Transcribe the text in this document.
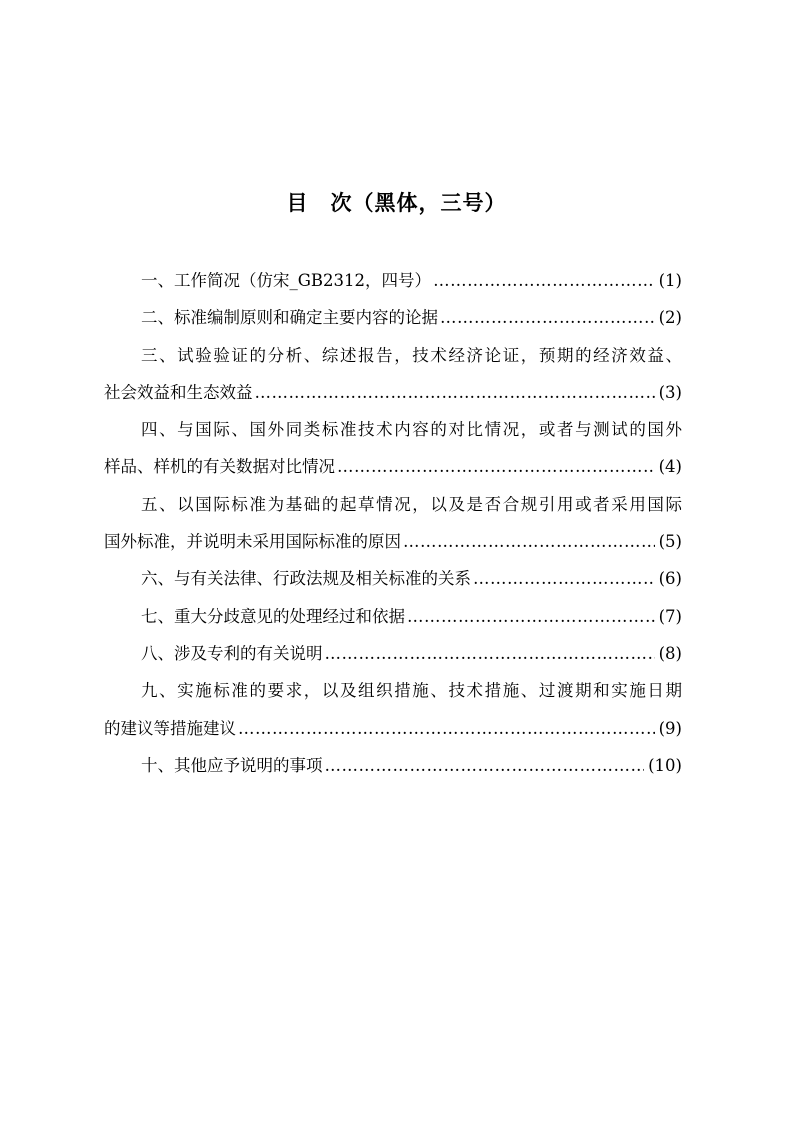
目 次（黑体，三号）
一、工作简况（仿宋_GB2312，四号） ………………………………………………………………………………………………………………………………………………………………	(1)
二、标准编制原则和确定主要内容的论据 ………………………………………………………………………………………………………………………………………………………………	(2)
三、试验验证的分析、综述报告，技术经济论证，预期的经济效益、
社会效益和生态效益 ………………………………………………………………………………………………………………………………………………………………	(3)
四、与国际、国外同类标准技术内容的对比情况，或者与测试的国外
样品、样机的有关数据对比情况 ………………………………………………………………………………………………………………………………………………………………	(4)
五、以国际标准为基础的起草情况，以及是否合规引用或者采用国际
国外标准，并说明未采用国际标准的原因 ………………………………………………………………………………………………………………………………………………………………	(5)
六、与有关法律、行政法规及相关标准的关系 ………………………………………………………………………………………………………………………………………………………………	(6)
七、重大分歧意见的处理经过和依据 ………………………………………………………………………………………………………………………………………………………………	(7)
八、涉及专利的有关说明 ………………………………………………………………………………………………………………………………………………………………	(8)
九、实施标准的要求，以及组织措施、技术措施、过渡期和实施日期
的建议等措施建议 ………………………………………………………………………………………………………………………………………………………………	(9)
十、其他应予说明的事项 ………………………………………………………………………………………………………………………………………………………………	(10)
